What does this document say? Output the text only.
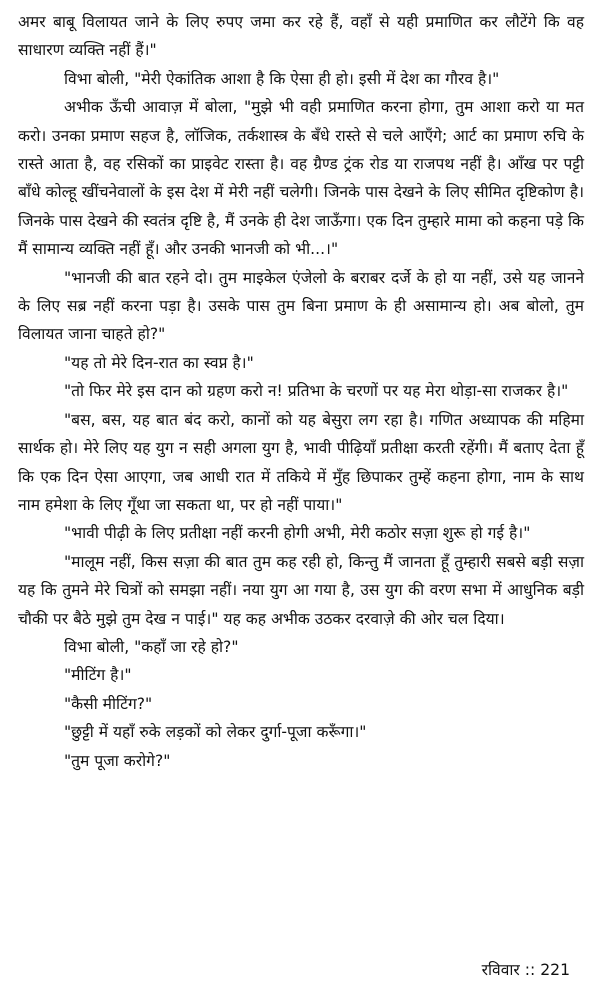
अमर बाबू विलायत जाने के लिए रुपए जमा कर रहे हैं, वहाँ से यही प्रमाणित कर लौटेंगे कि वह साधारण व्यक्ति नहीं हैं।"

विभा बोली, "मेरी ऐकांतिक आशा है कि ऐसा ही हो। इसी में देश का गौरव है।"

अभीक ऊँची आवाज़ में बोला, "मुझे भी वही प्रमाणित करना होगा, तुम आशा करो या मत करो। उनका प्रमाण सहज है, लॉजिक, तर्कशास्त्र के बँधे रास्ते से चले आएँगे; आर्ट का प्रमाण रुचि के रास्ते आता है, वह रसिकों का प्राइवेट रास्ता है। वह ग्रैण्ड ट्रंक रोड या राजपथ नहीं है। आँख पर पट्टी बाँधे कोल्हू खींचनेवालों के इस देश में मेरी नहीं चलेगी। जिनके पास देखने के लिए सीमित दृष्टिकोण है। जिनके पास देखने की स्वतंत्र दृष्टि है, मैं उनके ही देश जाऊँगा। एक दिन तुम्हारे मामा को कहना पड़े कि मैं सामान्य व्यक्ति नहीं हूँ। और उनकी भानजी को भी...।"

"भानजी की बात रहने दो। तुम माइकेल एंजेलो के बराबर दर्जे के हो या नहीं, उसे यह जानने के लिए सब्र नहीं करना पड़ा है। उसके पास तुम बिना प्रमाण के ही असामान्य हो। अब बोलो, तुम विलायत जाना चाहते हो?"

"यह तो मेरे दिन-रात का स्वप्न है।"

"तो फिर मेरे इस दान को ग्रहण करो न! प्रतिभा के चरणों पर यह मेरा थोड़ा-सा राजकर है।"

"बस, बस, यह बात बंद करो, कानों को यह बेसुरा लग रहा है। गणित अध्यापक की महिमा सार्थक हो। मेरे लिए यह युग न सही अगला युग है, भावी पीढ़ियाँ प्रतीक्षा करती रहेंगी। मैं बताए देता हूँ कि एक दिन ऐसा आएगा, जब आधी रात में तकिये में मुँह छिपाकर तुम्हें कहना होगा, नाम के साथ नाम हमेशा के लिए गूँथा जा सकता था, पर हो नहीं पाया।"

"भावी पीढ़ी के लिए प्रतीक्षा नहीं करनी होगी अभी, मेरी कठोर सज़ा शुरू हो गई है।"

"मालूम नहीं, किस सज़ा की बात तुम कह रही हो, किन्तु मैं जानता हूँ तुम्हारी सबसे बड़ी सज़ा यह कि तुमने मेरे चित्रों को समझा नहीं। नया युग आ गया है, उस युग की वरण सभा में आधुनिक बड़ी चौकी पर बैठे मुझे तुम देख न पाई।" यह कह अभीक उठकर दरवाज़े की ओर चल दिया।

विभा बोली, "कहाँ जा रहे हो?"

"मीटिंग है।"

"कैसी मीटिंग?"

"छुट्टी में यहाँ रुके लड़कों को लेकर दुर्गा-पूजा करूँगा।"

"तुम पूजा करोगे?"

रविवार :: 221
